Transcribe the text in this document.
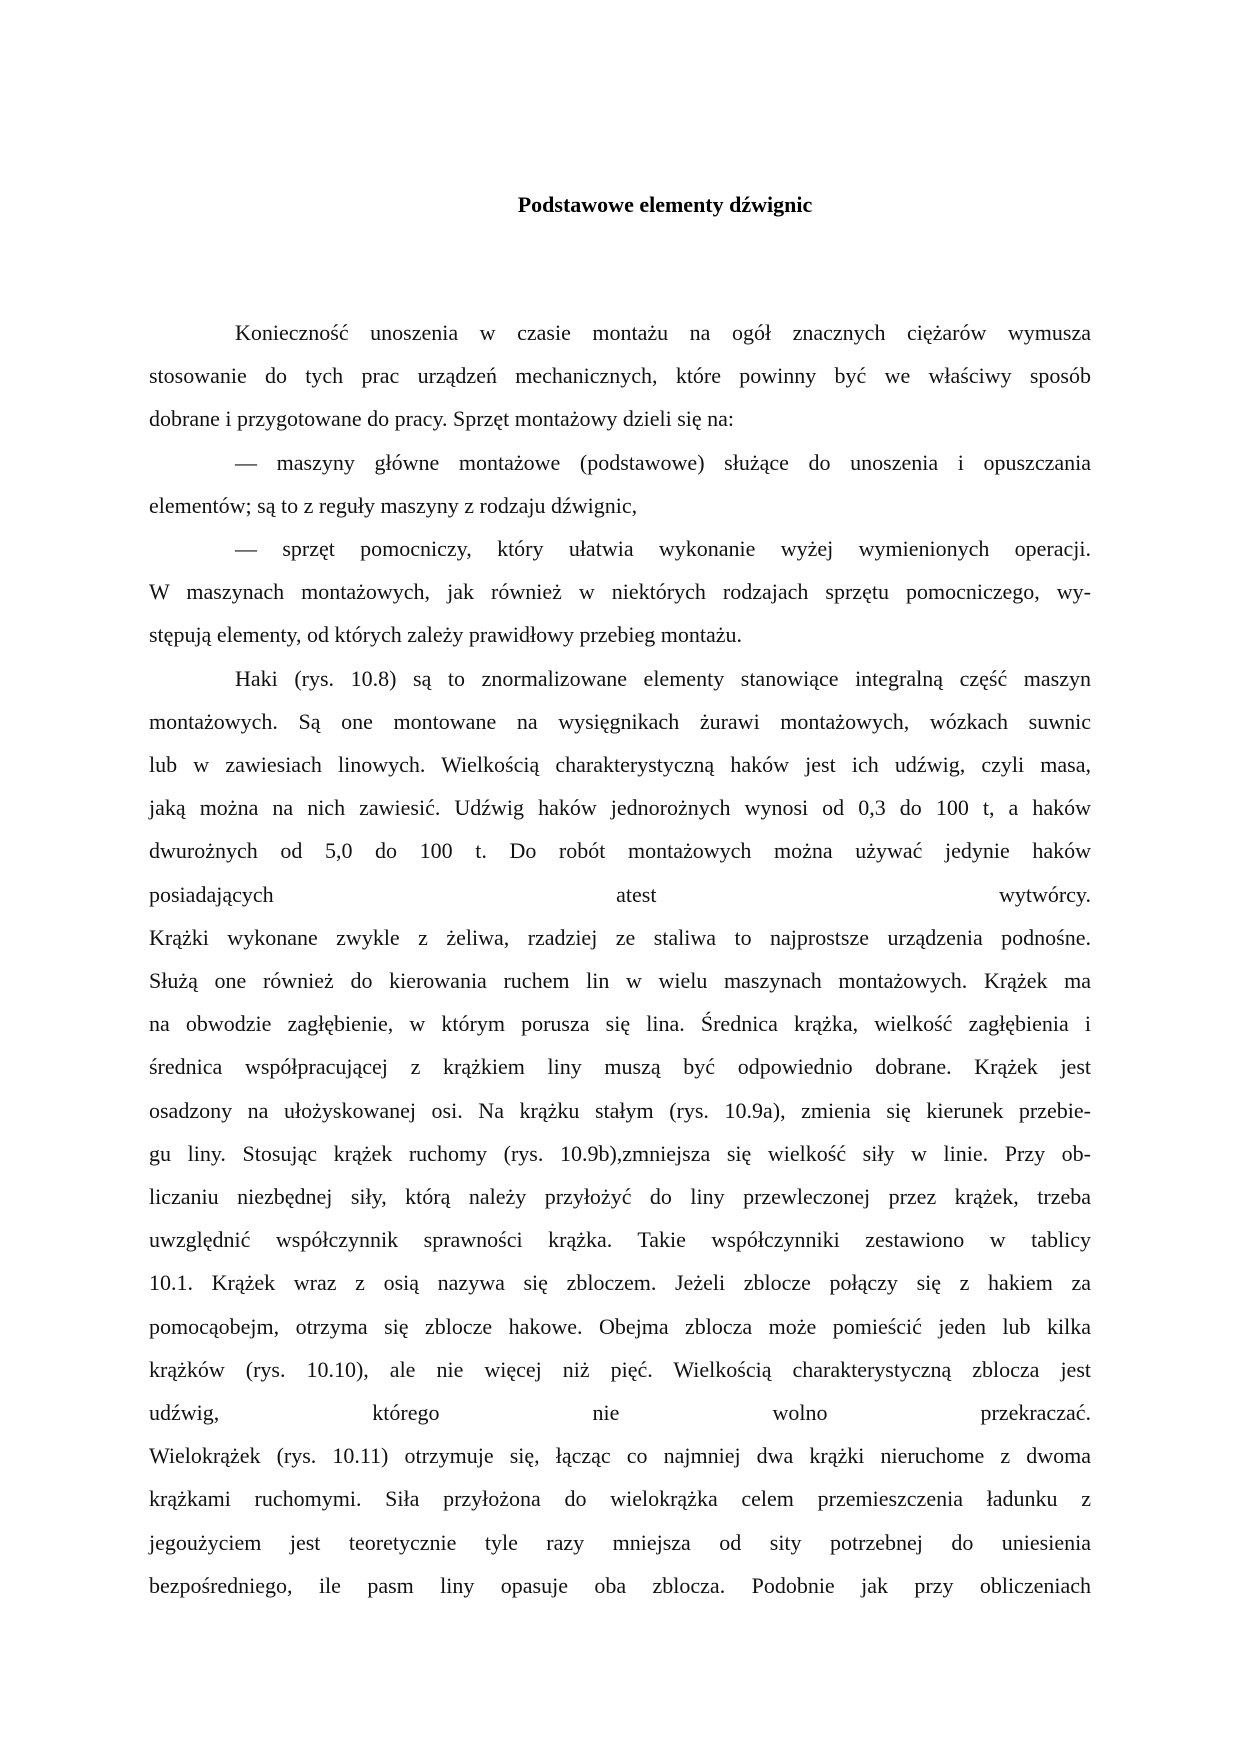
Podstawowe elementy dźwignic
Konieczność unoszenia w czasie montażu na ogół znacznych ciężarów wymusza
stosowanie do tych prac urządzeń mechanicznych, które powinny być we właściwy sposób
dobrane i przygotowane do pracy. Sprzęt montażowy dzieli się na:
— maszyny główne montażowe (podstawowe) służące do unoszenia i opuszczania
elementów; są to z reguły maszyny z rodzaju dźwignic,
— sprzęt pomocniczy, który ułatwia wykonanie wyżej wymienionych operacji.
W maszynach montażowych, jak również w niektórych rodzajach sprzętu pomocniczego, wy-
stępują elementy, od których zależy prawidłowy przebieg montażu.
Haki (rys. 10.8) są to znormalizowane elementy stanowiące integralną część maszyn
montażowych. Są one montowane na wysięgnikach żurawi montażowych, wózkach suwnic
lub w zawiesiach linowych. Wielkością charakterystyczną haków jest ich udźwig, czyli masa,
jaką można na nich zawiesić. Udźwig haków jednorożnych wynosi od 0,3 do 100 t, a haków
dwurożnych od 5,0 do 100 t. Do robót montażowych można używać jedynie haków
posiadających atest wytwórcy.
Krążki wykonane zwykle z żeliwa, rzadziej ze staliwa to najprostsze urządzenia podnośne.
Służą one również do kierowania ruchem lin w wielu maszynach montażowych. Krążek ma
na obwodzie zagłębienie, w którym porusza się lina. Średnica krążka, wielkość zagłębienia i
średnica współpracującej z krążkiem liny muszą być odpowiednio dobrane. Krążek jest
osadzony na ułożyskowanej osi. Na krążku stałym (rys. 10.9a), zmienia się kierunek przebie-
gu liny. Stosując krążek ruchomy (rys. 10.9b),zmniejsza się wielkość siły w linie. Przy ob-
liczaniu niezbędnej siły, którą należy przyłożyć do liny przewleczonej przez krążek, trzeba
uwzględnić współczynnik sprawności krążka. Takie współczynniki zestawiono w tablicy
10.1. Krążek wraz z osią nazywa się zbloczem. Jeżeli zblocze połączy się z hakiem za
pomocąobejm, otrzyma się zblocze hakowe. Obejma zblocza może pomieścić jeden lub kilka
krążków (rys. 10.10), ale nie więcej niż pięć. Wielkością charakterystyczną zblocza jest
udźwig, którego nie wolno przekraczać.
Wielokrążek (rys. 10.11) otrzymuje się, łącząc co najmniej dwa krążki nieruchome z dwoma
krążkami ruchomymi. Siła przyłożona do wielokrążka celem przemieszczenia ładunku z
jegoużyciem jest teoretycznie tyle razy mniejsza od sity potrzebnej do uniesienia
bezpośredniego, ile pasm liny opasuje oba zblocza. Podobnie jak przy obliczeniach
